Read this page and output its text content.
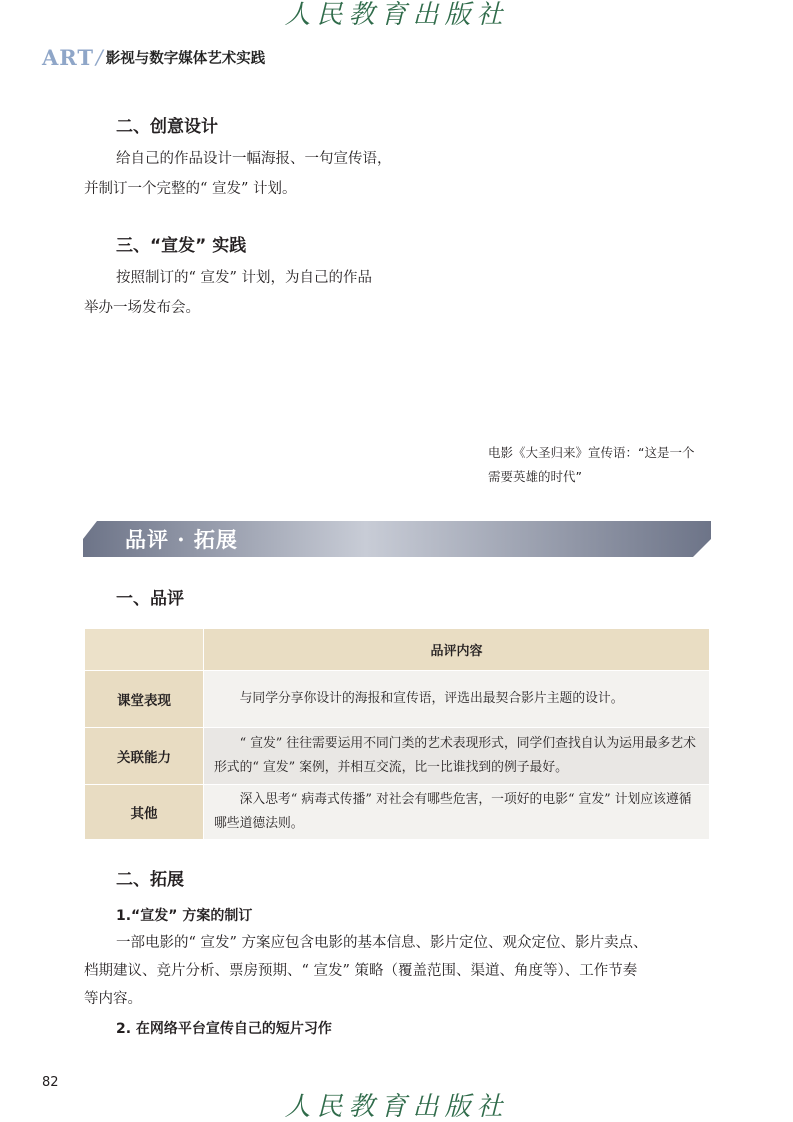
人民教育出版社
ART / 影视与数字媒体艺术实践
二、创意设计
给自己的作品设计一幅海报、一句宣传语，
并制订一个完整的“ 宣发” 计划。
三、“宣发” 实践
按照制订的“ 宣发” 计划，为自己的作品
举办一场发布会。
电影《大圣归来》宣传语：“这是一个
需要英雄的时代”
品评 · 拓展
一、品评
	品评内容
课堂表现	与同学分享你设计的海报和宣传语，评选出最契合影片主题的设计。
关联能力	“ 宣发” 往往需要运用不同门类的艺术表现形式，同学们查找自认为运用最多艺术形式的“ 宣发” 案例，并相互交流，比一比谁找到的例子最好。
其他	深入思考“ 病毒式传播” 对社会有哪些危害，一项好的电影“ 宣发” 计划应该遵循哪些道德法则。
二、拓展
1.“宣发” 方案的制订
一部电影的“ 宣发” 方案应包含电影的基本信息、影片定位、观众定位、影片卖点、
档期建议、竞片分析、票房预期、“ 宣发” 策略（覆盖范围、渠道、角度等）、工作节奏
等内容。
2. 在网络平台宣传自己的短片习作
82
人民教育出版社
